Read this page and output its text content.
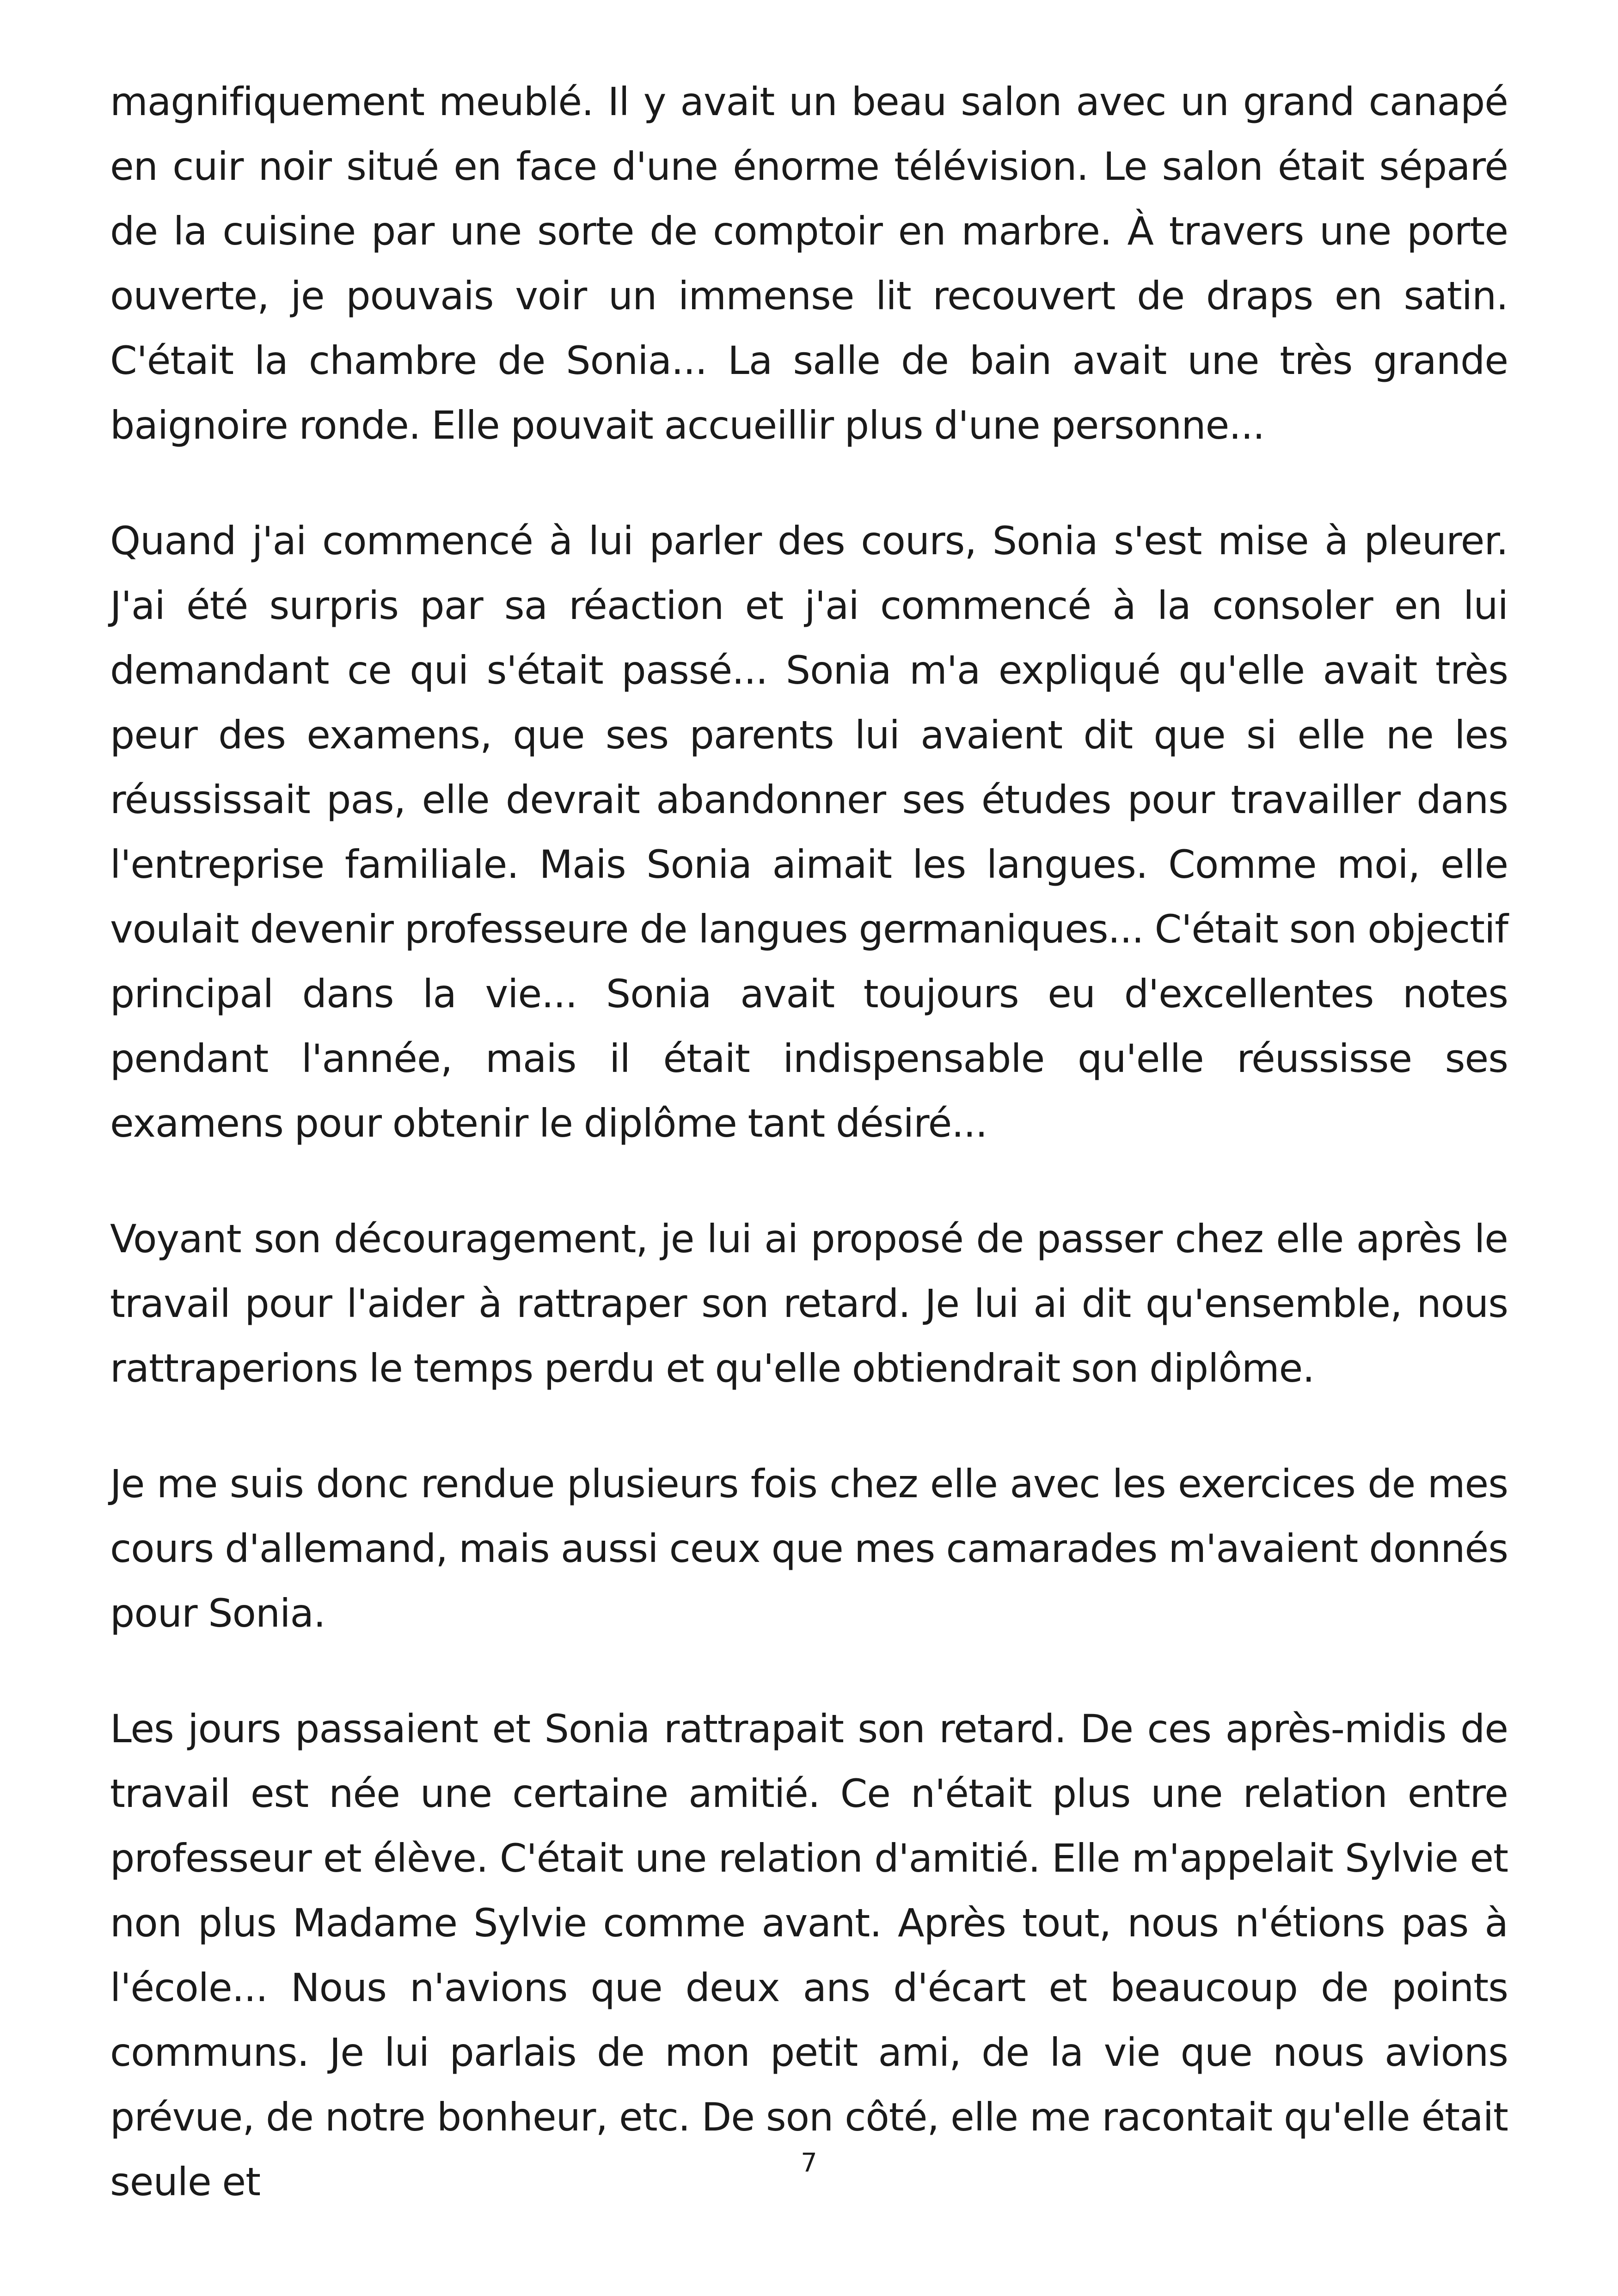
magnifiquement meublé. Il y avait un beau salon avec un grand canapé en cuir noir situé en face d'une énorme télévision. Le salon était séparé de la cuisine par une sorte de comptoir en marbre. À travers une porte ouverte, je pouvais voir un immense lit recouvert de draps en satin. C'était la chambre de Sonia... La salle de bain avait une très grande baignoire ronde. Elle pouvait accueillir plus d'une personne...

Quand j'ai commencé à lui parler des cours, Sonia s'est mise à pleurer. J'ai été surpris par sa réaction et j'ai commencé à la consoler en lui demandant ce qui s'était passé... Sonia m'a expliqué qu'elle avait très peur des examens, que ses parents lui avaient dit que si elle ne les réussissait pas, elle devrait abandonner ses études pour travailler dans l'entreprise familiale. Mais Sonia aimait les langues. Comme moi, elle voulait devenir professeure de langues germaniques... C'était son objectif principal dans la vie... Sonia avait toujours eu d'excellentes notes pendant l'année, mais il était indispensable qu'elle réussisse ses examens pour obtenir le diplôme tant désiré...

Voyant son découragement, je lui ai proposé de passer chez elle après le travail pour l'aider à rattraper son retard. Je lui ai dit qu'ensemble, nous rattraperions le temps perdu et qu'elle obtiendrait son diplôme.

Je me suis donc rendue plusieurs fois chez elle avec les exercices de mes cours d'allemand, mais aussi ceux que mes camarades m'avaient donnés pour Sonia.

Les jours passaient et Sonia rattrapait son retard. De ces après-midis de travail est née une certaine amitié. Ce n'était plus une relation entre professeur et élève. C'était une relation d'amitié. Elle m'appelait Sylvie et non plus Madame Sylvie comme avant. Après tout, nous n'étions pas à l'école... Nous n'avions que deux ans d'écart et beaucoup de points communs. Je lui parlais de mon petit ami, de la vie que nous avions prévue, de notre bonheur, etc. De son côté, elle me racontait qu'elle était seule et	7
